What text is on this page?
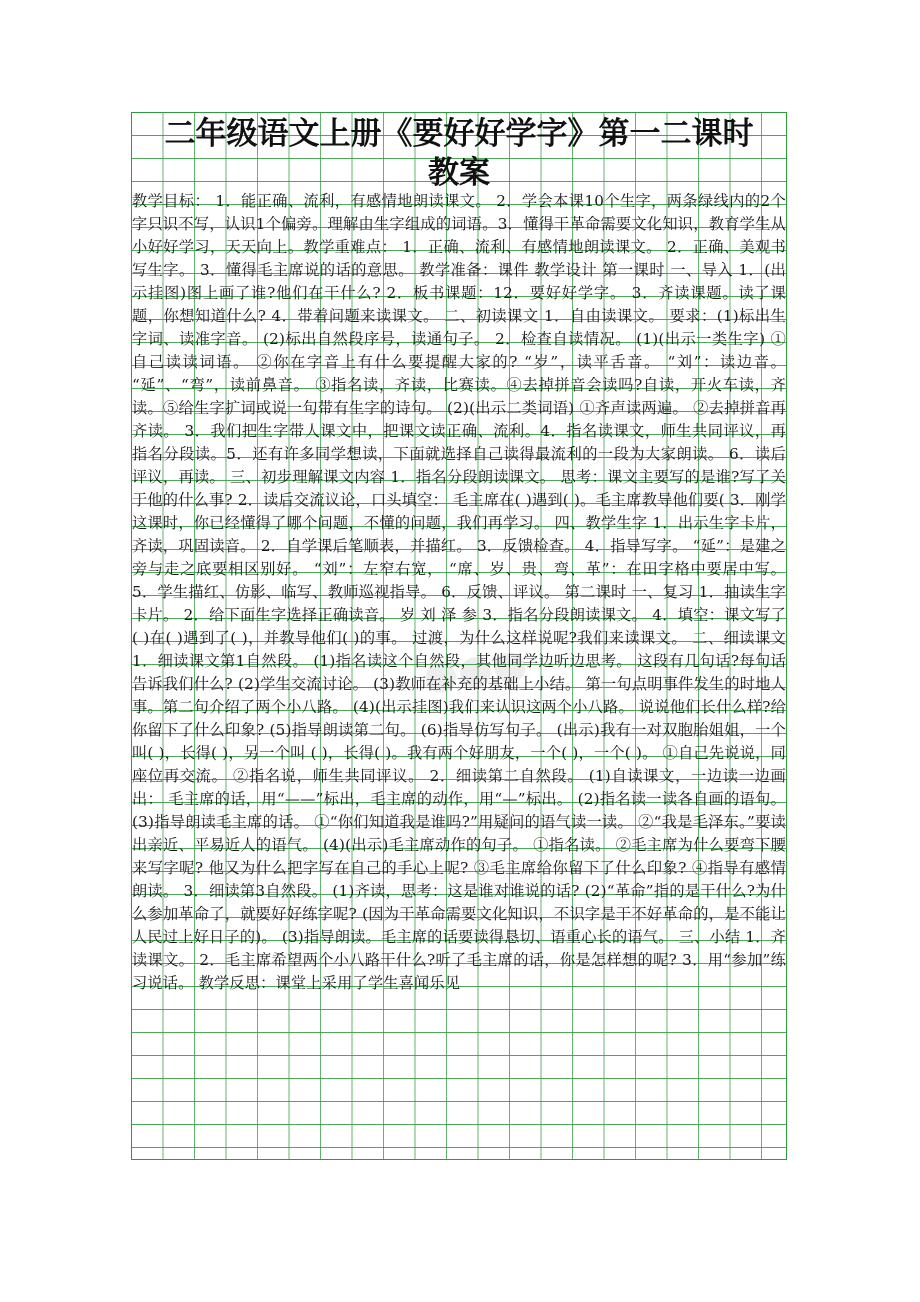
●●●
二年级语文上册《要好好学字》第一二课时
教案
教学目标： 1．能正确、流利，有感情地朗读课文。 2．学会本课10个生字，两条绿线内的2个字只识不写，认识1个偏旁。理解由生字组成的词语。3．懂得干革命需要文化知识，教育学生从小好好学习，天天向上。教学重难点： 1．正确、流利、有感情地朗读课文。 2．正确、美观书写生字。 3．懂得毛主席说的话的意思。 教学准备：课件 教学设计 第一课时 一、导入 1．(出示挂图)图上画了谁?他们在干什么? 2．板书课题：12．要好好学字。 3．齐读课题。读了课题，你想知道什么? 4．带着问题来读课文。 二、初读课文 1．自由读课文。 要求：(1)标出生字词、读准字音。 (2)标出自然段序号，读通句子。 2．检查自读情况。 (1)(出示一类生字) ①自己读读词语。 ②你在字音上有什么要提醒大家的? “岁”，读平舌音。 “刘”：读边音。 “延”、“弯”，读前鼻音。 ③指名读，齐读，比赛读。④去掉拼音会读吗?自读，开火车读，齐读。⑤给生字扩词或说一句带有生字的诗句。 (2)(出示二类词语) ①齐声读两遍。 ②去掉拼音再齐读。 3．我们把生字带人课文中，把课文读正确、流利。4．指名读课文，师生共同评议，再指名分段读。5．还有许多同学想读，下面就选择自己读得最流利的一段为大家朗读。 6．读后评议，再读。 三、初步理解课文内容 1．指名分段朗读课文。 思考：课文主要写的是谁?写了关于他的什么事? 2．读后交流议论，口头填空： 毛主席在( )遇到( )。毛主席教导他们要( 3．刚学这课时，你已经懂得了哪个问题，不懂的问题，我们再学习。 四、教学生字 1．出示生字卡片，齐读，巩固读音。 2．自学课后笔顺表，并描红。 3．反馈检查。 4．指导写字。 “延”：是建之旁与走之底要相区别好。 “刘”：左窄右宽， “席、岁、贵、弯、革”：在田字格中要居中写。 5．学生描红、仿影、临写、教师巡视指导。 6．反馈、评议。 第二课时 一、复习 1．抽读生字卡片。 2．给下面生字选择正确读音。 岁 刘 泽 参 3．指名分段朗读课文。 4．填空：课文写了( )在( )遇到了( )，并教导他们( )的事。 过渡，为什么这样说呢?我们来读课文。 二、细读课文 1．细读课文第1自然段。 (1)指名读这个自然段，其他同学边听边思考。 这段有几句话?每句话告诉我们什么? (2)学生交流讨论。 (3)教师在补充的基础上小结。 第一句点明事件发生的时地人事。第二句介绍了两个小八路。 (4)(出示挂图)我们来认识这两个小八路。 说说他们长什么样?给你留下了什么印象? (5)指导朗读第二句。 (6)指导仿写句子。 (出示)我有一对双胞胎姐姐，一个叫( )，长得( )，另一个叫 ( )，长得( )。我有两个好朋友，一个( )，一个( )。 ①自己先说说，同座位再交流。 ②指名说，师生共同评议。 2．细读第二自然段。 (1)自读课文，一边读一边画出： 毛主席的话，用“——”标出，毛主席的动作，用“—”标出。 (2)指名读一读各自画的语句。(3)指导朗读毛主席的话。 ①“你们知道我是谁吗?”用疑问的语气读一读。 ②“我是毛泽东。”要读出亲近、平易近人的语气。 (4)(出示)毛主席动作的句子。 ①指名读。 ②毛主席为什么要弯下腰来写字呢? 他又为什么把字写在自己的手心上呢? ③毛主席给你留下了什么印象? ④指导有感情朗读。 3．细读第3自然段。 (1)齐读，思考：这是谁对谁说的话? (2)“革命”指的是干什么?为什么参加革命了，就要好好练字呢? (因为干革命需要文化知识，不识字是干不好革命的，是不能让人民过上好日子的)。 (3)指导朗读。毛主席的话要读得恳切、语重心长的语气。 三、小结 1．齐读课文。 2．毛主席希望两个小八路干什么?听了毛主席的话，你是怎样想的呢? 3．用“参加”练习说话。 教学反思：课堂上采用了学生喜闻乐见
